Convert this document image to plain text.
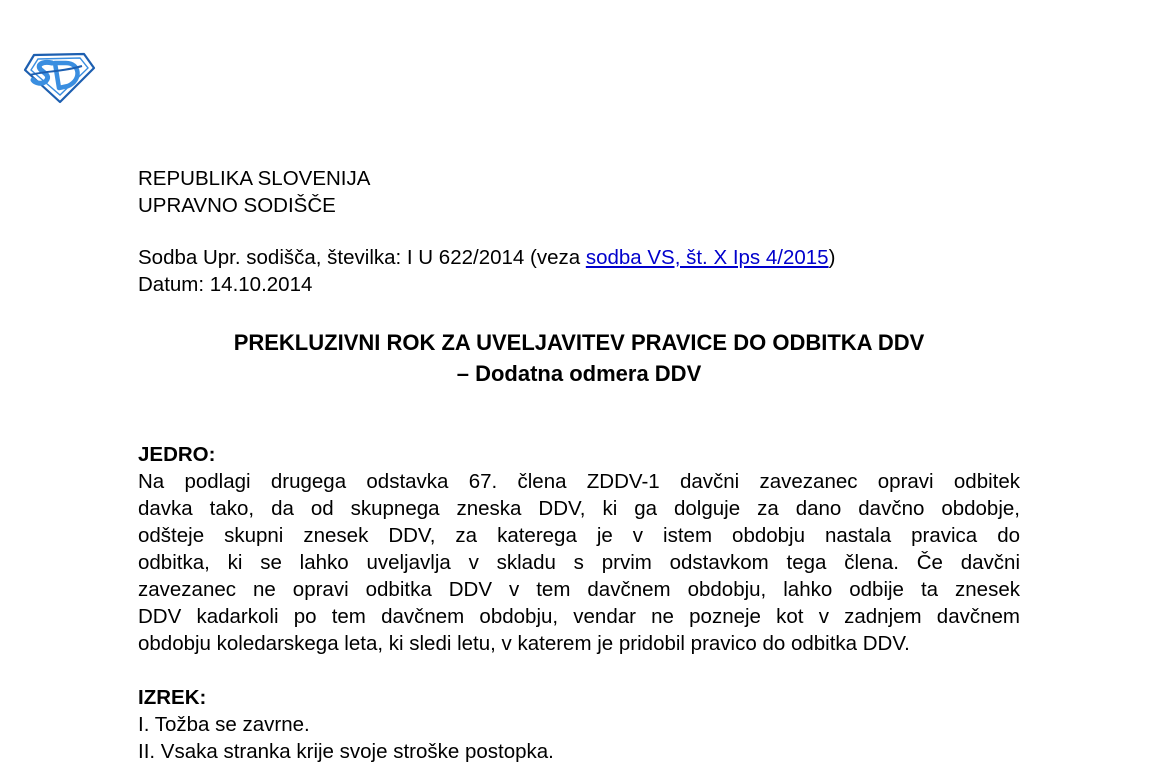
REPUBLIKA SLOVENIJA
UPRAVNO SODIŠČE
Sodba Upr. sodišča, številka: I U 622/2014 (veza sodba VS, št. X Ips 4/2015)
Datum: 14.10.2014
PREKLUZIVNI ROK ZA UVELJAVITEV PRAVICE DO ODBITKA DDV
– Dodatna odmera DDV
JEDRO:
Na podlagi drugega odstavka 67. člena ZDDV-1 davčni zavezanec opravi odbitek
davka tako, da od skupnega zneska DDV, ki ga dolguje za dano davčno obdobje,
odšteje skupni znesek DDV, za katerega je v istem obdobju nastala pravica do
odbitka, ki se lahko uveljavlja v skladu s prvim odstavkom tega člena. Če davčni
zavezanec ne opravi odbitka DDV v tem davčnem obdobju, lahko odbije ta znesek
DDV kadarkoli po tem davčnem obdobju, vendar ne pozneje kot v zadnjem davčnem
obdobju koledarskega leta, ki sledi letu, v katerem je pridobil pravico do odbitka DDV.
IZREK:
I. Tožba se zavrne.
II. Vsaka stranka krije svoje stroške postopka.
